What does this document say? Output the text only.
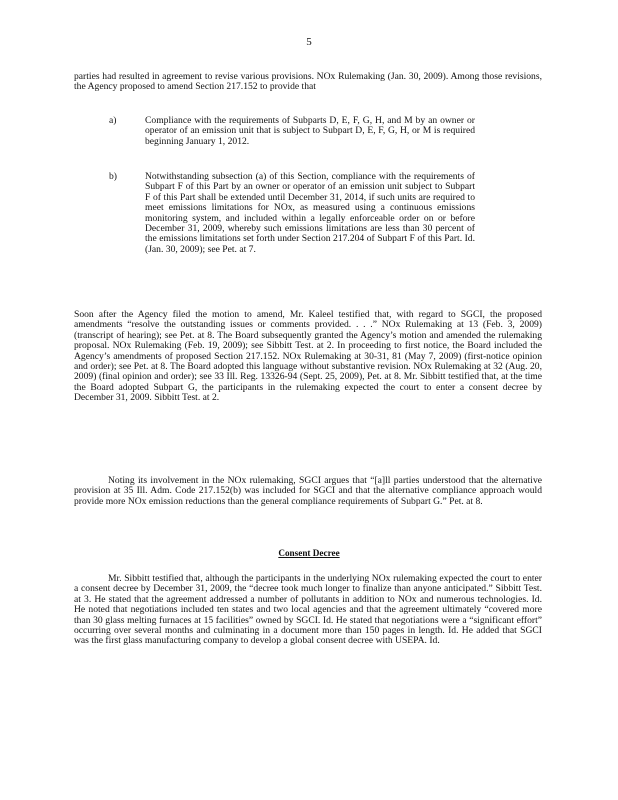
5

parties had resulted in agreement to revise various provisions. NOx Rulemaking (Jan. 30, 2009). Among those revisions, the Agency proposed to amend Section 217.152 to provide that

a)	Compliance with the requirements of Subparts D, E, F, G, H, and M by an owner or operator of an emission unit that is subject to Subpart D, E, F, G, H, or M is required beginning January 1, 2012.
b)	Notwithstanding subsection (a) of this Section, compliance with the requirements of Subpart F of this Part by an owner or operator of an emission unit subject to Subpart F of this Part shall be extended until December 31, 2014, if such units are required to meet emissions limitations for NOx, as measured using a continuous emissions monitoring system, and included within a legally enforceable order on or before December 31, 2009, whereby such emissions limitations are less than 30 percent of the emissions limitations set forth under Section 217.204 of Subpart F of this Part. Id. (Jan. 30, 2009); see Pet. at 7.

Soon after the Agency filed the motion to amend, Mr. Kaleel testified that, with regard to SGCI, the proposed amendments “resolve the outstanding issues or comments provided. . . .” NOx Rulemaking at 13 (Feb. 3, 2009) (transcript of hearing); see Pet. at 8. The Board subsequently granted the Agency’s motion and amended the rulemaking proposal. NOx Rulemaking (Feb. 19, 2009); see Sibbitt Test. at 2. In proceeding to first notice, the Board included the Agency’s amendments of proposed Section 217.152. NOx Rulemaking at 30-31, 81 (May 7, 2009) (first-notice opinion and order); see Pet. at 8. The Board adopted this language without substantive revision. NOx Rulemaking at 32 (Aug. 20, 2009) (final opinion and order); see 33 Ill. Reg. 13326-94 (Sept. 25, 2009), Pet. at 8. Mr. Sibbitt testified that, at the time the Board adopted Subpart G, the participants in the rulemaking expected the court to enter a consent decree by December 31, 2009. Sibbitt Test. at 2.

Noting its involvement in the NOx rulemaking, SGCI argues that “[a]ll parties understood that the alternative provision at 35 Ill. Adm. Code 217.152(b) was included for SGCI and that the alternative compliance approach would provide more NOx emission reductions than the general compliance requirements of Subpart G.” Pet. at 8.

Consent Decree

Mr. Sibbitt testified that, although the participants in the underlying NOx rulemaking expected the court to enter a consent decree by December 31, 2009, the “decree took much longer to finalize than anyone anticipated.” Sibbitt Test. at 3. He stated that the agreement addressed a number of pollutants in addition to NOx and numerous technologies. Id. He noted that negotiations included ten states and two local agencies and that the agreement ultimately “covered more than 30 glass melting furnaces at 15 facilities” owned by SGCI. Id. He stated that negotiations were a “significant effort” occurring over several months and culminating in a document more than 150 pages in length. Id. He added that SGCI was the first glass manufacturing company to develop a global consent decree with USEPA. Id.
